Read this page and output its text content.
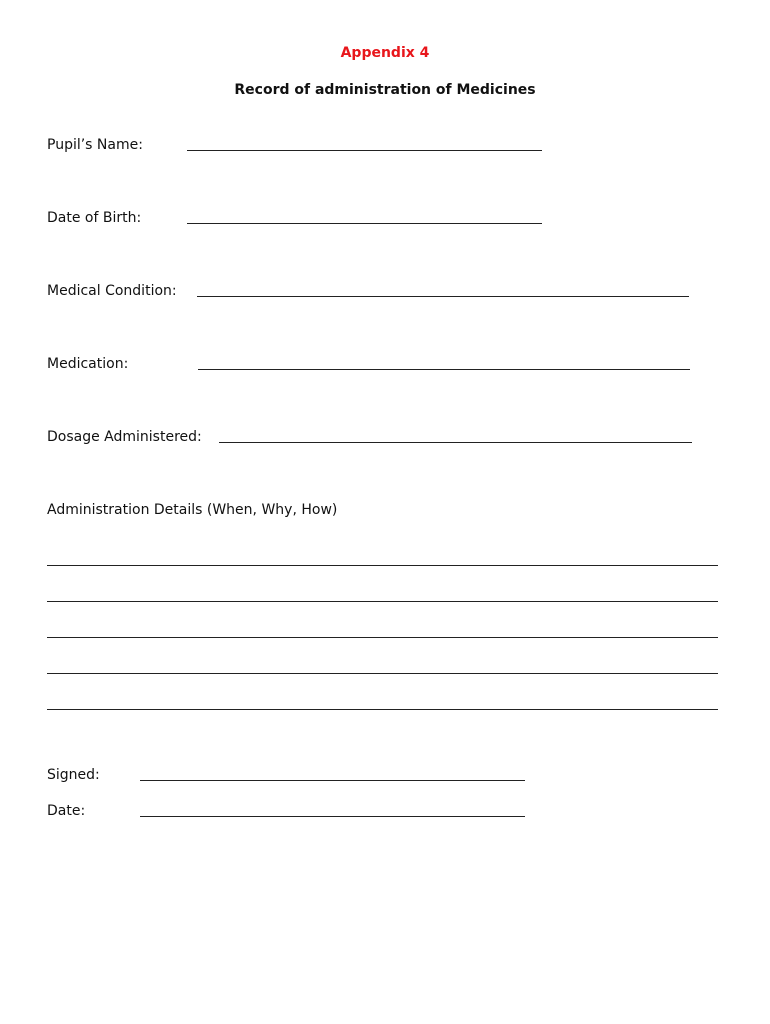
Appendix 4
Record of administration of Medicines
Pupil’s Name:
Date of Birth:
Medical Condition:
Medication:
Dosage Administered:
Administration Details (When, Why, How)
Signed:
Date:
